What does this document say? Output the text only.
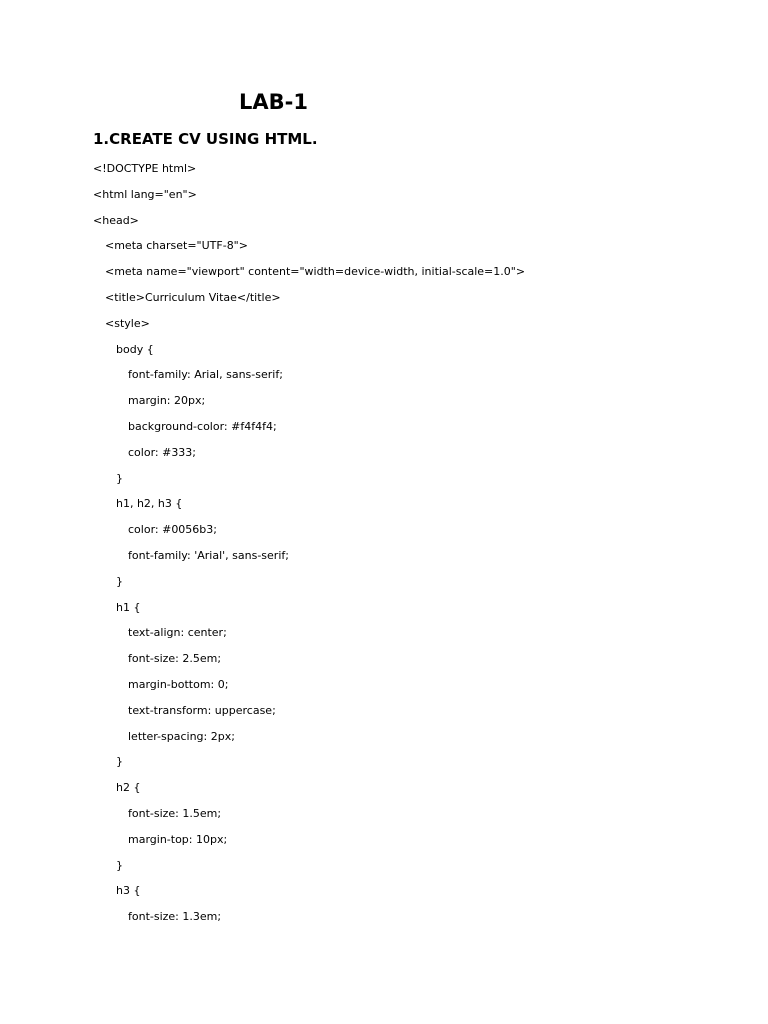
LAB-1
1.CREATE CV USING HTML.
<!DOCTYPE html>
<html lang="en">
<head>
<meta charset="UTF-8">
<meta name="viewport" content="width=device-width, initial-scale=1.0">
<title>Curriculum Vitae</title>
<style>
body {
font-family: Arial, sans-serif;
margin: 20px;
background-color: #f4f4f4;
color: #333;
}
h1, h2, h3 {
color: #0056b3;
font-family: 'Arial', sans-serif;
}
h1 {
text-align: center;
font-size: 2.5em;
margin-bottom: 0;
text-transform: uppercase;
letter-spacing: 2px;
}
h2 {
font-size: 1.5em;
margin-top: 10px;
}
h3 {
font-size: 1.3em;
